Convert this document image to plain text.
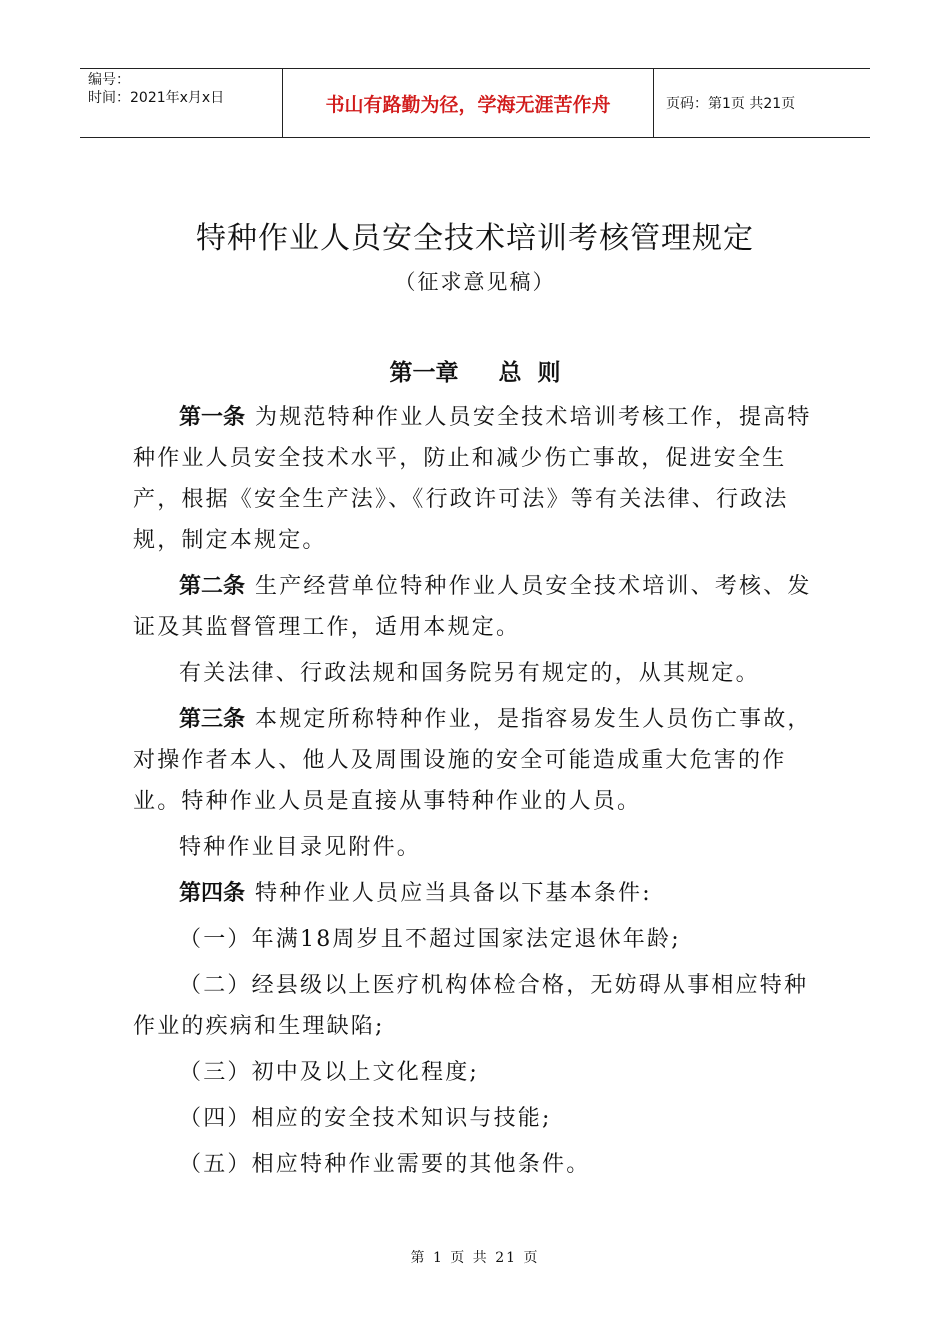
编号：
时间：2021年x月x日	书山有路勤为径，学海无涯苦作舟	页码：第1页 共21页
特种作业人员安全技术培训考核管理规定
（征求意见稿）
第一章 总  则

第一条 为规范特种作业人员安全技术培训考核工作，提高特种作业人员安全技术水平，防止和减少伤亡事故，促进安全生产，根据《安全生产法》、《行政许可法》等有关法律、行政法规，制定本规定。

第二条 生产经营单位特种作业人员安全技术培训、考核、发证及其监督管理工作，适用本规定。

有关法律、行政法规和国务院另有规定的，从其规定。

第三条 本规定所称特种作业，是指容易发生人员伤亡事故，对操作者本人、他人及周围设施的安全可能造成重大危害的作业。特种作业人员是直接从事特种作业的人员。

特种作业目录见附件。

第四条 特种作业人员应当具备以下基本条件:

（一）年满18周岁且不超过国家法定退休年龄;

（二）经县级以上医疗机构体检合格，无妨碍从事相应特种作业的疾病和生理缺陷;

（三）初中及以上文化程度;

（四）相应的安全技术知识与技能;

（五）相应特种作业需要的其他条件。

第 1 页 共 21 页
